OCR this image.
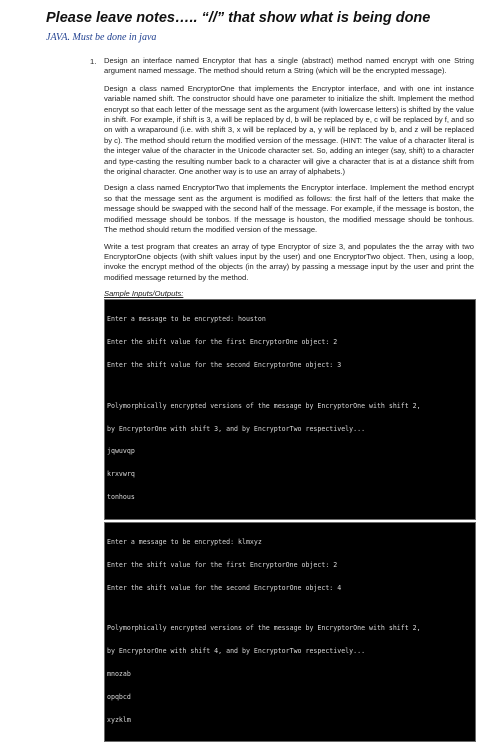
Please leave notes….. “//” that show what is being done
JAVA. Must be done in java
1. Design an interface named Encryptor that has a single (abstract) method named encrypt with one String argument named message. The method should return a String (which will be the encrypted message).

Design a class named EncryptorOne that implements the Encryptor interface, and with one int instance variable named shift. The constructor should have one parameter to initialize the shift. Implement the method encrypt so that each letter of the message sent as the argument (with lowercase letters) is shifted by the value in shift. For example, if shift is 3, a will be replaced by d, b will be replaced by e, c will be replaced by f, and so on with a wraparound (i.e. with shift 3, x will be replaced by a, y will be replaced by b, and z will be replaced by c). The method should return the modified version of the message. (HINT: The value of a character literal is the integer value of the character in the Unicode character set. So, adding an integer (say, shift) to a character and type-casting the resulting number back to a character will give a character that is at a distance shift from the original character. One another way is to use an array of alphabets.)

Design a class named EncryptorTwo that implements the Encryptor interface. Implement the method encrypt so that the message sent as the argument is modified as follows: the first half of the letters that make the message should be swapped with the second half of the message. For example, if the message is boston, the modified message should be tonbos. If the message is houston, the modified message should be tonhous. The method should return the modified version of the message.

Write a test program that creates an array of type Encryptor of size 3, and populates the the array with two EncryptorOne objects (with shift values input by the user) and one EncryptorTwo object. Then, using a loop, invoke the encrypt method of the objects (in the array) by passing a message input by the user and print the modified message returned by the method.

Sample Inputs/Outputs:

Enter a message to be encrypted: houston

Enter the shift value for the first EncryptorOne object: 2

Enter the shift value for the second EncryptorOne object: 3

Polymorphically encrypted versions of the message by EncryptorOne with shift 2,

by EncryptorOne with shift 3, and by EncryptorTwo respectively...

jqwuvqp

krxvwrq

tonhous

Enter a message to be encrypted: klmxyz

Enter the shift value for the first EncryptorOne object: 2

Enter the shift value for the second EncryptorOne object: 4

Polymorphically encrypted versions of the message by EncryptorOne with shift 2,

by EncryptorOne with shift 4, and by EncryptorTwo respectively...

mnozab

opqbcd

xyzklm
